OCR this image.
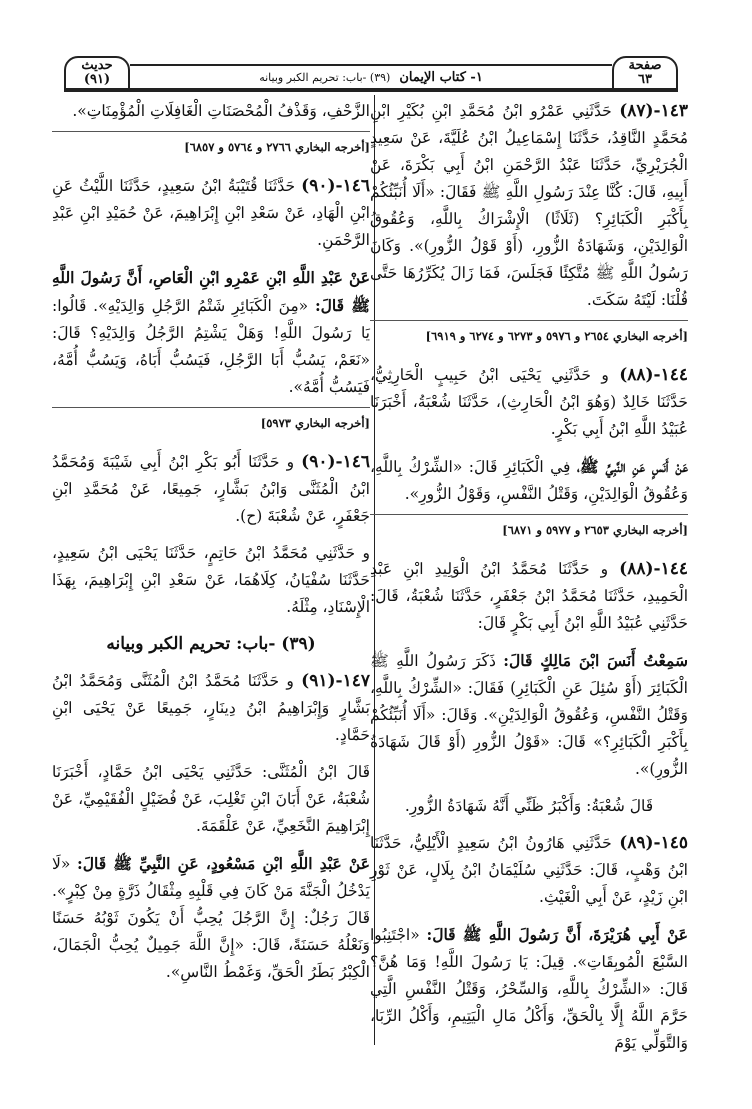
حديث
(٩١)	١- كتاب الإيمان

(٣٩) -باب: تحريم الكبر وبيانه
صفحة
٦٣

١٤٣-(٨٧) حَدَّثَنِي عَمْرُو ابْنُ مُحَمَّدِ ابْنِ بُكَيْرِ ابْنِ مُحَمَّدٍ النَّاقِدُ، حَدَّثَنَا إِسْمَاعِيلُ ابْنُ عُلَيَّةَ، عَنْ سَعِيدٍ الْجُرَيْرِيِّ، حَدَّثَنَا عَبْدُ الرَّحْمَنِ ابْنُ أَبِي بَكْرَةَ، عَنْ أَبِيهِ، قَالَ: كُنَّا عِنْدَ رَسُولِ اللَّهِ ﷺ فَقَالَ: «أَلَا أُنَبِّئُكُمْ بِأَكْبَرِ الْكَبَائِرِ؟ (ثَلَاثًا) الْإِشْرَاكُ بِاللَّهِ، وَعُقُوقُ الْوَالِدَيْنِ، وَشَهَادَةُ الزُّورِ، (أَوْ قَوْلُ الزُّورِ)». وَكَانَ رَسُولُ اللَّهِ ﷺ مُتَّكِئًا فَجَلَسَ، فَمَا زَالَ يُكَرِّرُهَا حَتَّى قُلْنَا: لَيْتَهُ سَكَتَ.

[أخرجه البخاري ٢٦٥٤ و ٥٩٧٦ و ٦٢٧٣ و ٦٢٧٤ و ٦٩١٩]

١٤٤-(٨٨) و حَدَّثَنِي يَحْيَى ابْنُ حَبِيبٍ الْحَارِثِيُّ، حَدَّثَنَا خَالِدٌ (وَهُوَ ابْنُ الْحَارِثِ)، حَدَّثَنَا شُعْبَةُ، أَخْبَرَنَا عُبَيْدُ اللَّهِ ابْنُ أَبِي بَكْرٍ.

عَنْ أَنَسٍ عَنِ النَّبِيِّ ﷺ، فِي الْكَبَائِرِ قَالَ: «الشِّرْكُ بِاللَّهِ، وَعُقُوقُ الْوَالِدَيْنِ، وَقَتْلُ النَّفْسِ، وَقَوْلُ الزُّورِ».

[أخرجه البخاري ٢٦٥٣ و ٥٩٧٧ و ٦٨٧١]

١٤٤-(٨٨) و حَدَّثَنَا مُحَمَّدُ ابْنُ الْوَلِيدِ ابْنِ عَبْدِ الْحَمِيدِ، حَدَّثَنَا مُحَمَّدُ ابْنُ جَعْفَرٍ، حَدَّثَنَا شُعْبَةُ، قَالَ: حَدَّثَنِي عُبَيْدُ اللَّهِ ابْنُ أَبِي بَكْرٍ قَالَ:

سَمِعْتُ أَنَسَ ابْنَ مَالِكٍ قَالَ: ذَكَرَ رَسُولُ اللَّهِ ﷺ الْكَبَائِرَ (أَوْ سُئِلَ عَنِ الْكَبَائِرِ) فَقَالَ: «الشِّرْكُ بِاللَّهِ، وَقَتْلُ النَّفْسِ، وَعُقُوقُ الْوَالِدَيْنِ». وَقَالَ: «أَلَا أُنَبِّئُكُمْ بِأَكْبَرِ الْكَبَائِرِ؟» قَالَ: «قَوْلُ الزُّورِ (أَوْ قَالَ شَهَادَةُ الزُّورِ)».

قَالَ شُعْبَةُ: وَأَكْبَرُ ظَنِّي أَنَّهُ شَهَادَةُ الزُّورِ.

١٤٥-(٨٩) حَدَّثَنِي هَارُونُ ابْنُ سَعِيدٍ الْأَيْلِيُّ، حَدَّثَنَا ابْنُ وَهْبٍ، قَالَ: حَدَّثَنِي سُلَيْمَانُ ابْنُ بِلَالٍ، عَنْ ثَوْرِ ابْنِ زَيْدٍ، عَنْ أَبِي الْغَيْثِ.

عَنْ أَبِي هُرَيْرَةَ، أَنَّ رَسُولَ اللَّهِ ﷺ قَالَ: «اجْتَنِبُوا السَّبْعَ الْمُوبِقَاتِ». قِيلَ: يَا رَسُولَ اللَّهِ! وَمَا هُنَّ؟ قَالَ: «الشِّرْكُ بِاللَّهِ، وَالسِّحْرُ، وَقَتْلُ النَّفْسِ الَّتِي حَرَّمَ اللَّهُ إِلَّا بِالْحَقِّ، وَأَكْلُ مَالِ الْيَتِيمِ، وَأَكْلُ الرِّبَا، وَالتَّوَلِّي يَوْمَ

الزَّحْفِ، وَقَذْفُ الْمُحْصَنَاتِ الْغَافِلَاتِ الْمُؤْمِنَاتِ».

[أخرجه البخاري ٢٧٦٦ و ٥٧٦٤ و ٦٨٥٧]

١٤٦-(٩٠) حَدَّثَنَا قُتَيْبَةُ ابْنُ سَعِيدٍ، حَدَّثَنَا اللَّيْثُ عَنِ ابْنِ الْهَادِ، عَنْ سَعْدِ ابْنِ إِبْرَاهِيمَ، عَنْ حُمَيْدِ ابْنِ عَبْدِ الرَّحْمَنِ.

عَنْ عَبْدِ اللَّهِ ابْنِ عَمْرِو ابْنِ الْعَاصِ، أَنَّ رَسُولَ اللَّهِ ﷺ قَالَ: «مِنَ الْكَبَائِرِ شَتْمُ الرَّجُلِ وَالِدَيْهِ». قَالُوا: يَا رَسُولَ اللَّهِ! وَهَلْ يَشْتِمُ الرَّجُلُ وَالِدَيْهِ؟ قَالَ: «نَعَمْ، يَسُبُّ أَبَا الرَّجُلِ، فَيَسُبُّ أَبَاهُ، وَيَسُبُّ أُمَّهُ، فَيَسُبُّ أُمَّهُ».

[أخرجه البخاري ٥٩٧٣]

١٤٦-(٩٠) و حَدَّثَنَا أَبُو بَكْرِ ابْنُ أَبِي شَيْبَةَ وَمُحَمَّدُ ابْنُ الْمُثَنَّى وَابْنُ بَشَّارٍ، جَمِيعًا، عَنْ مُحَمَّدِ ابْنِ جَعْفَرٍ، عَنْ شُعْبَةَ (ح).

و حَدَّثَنِي مُحَمَّدُ ابْنُ حَاتِمٍ، حَدَّثَنَا يَحْيَى ابْنُ سَعِيدٍ، حَدَّثَنَا سُفْيَانُ، كِلَاهُمَا، عَنْ سَعْدِ ابْنِ إِبْرَاهِيمَ، بِهَذَا الْإِسْنَادِ، مِثْلَهُ.

(٣٩) -باب: تحريم الكبر وبيانه

١٤٧-(٩١) و حَدَّثَنَا مُحَمَّدُ ابْنُ الْمُثَنَّى وَمُحَمَّدُ ابْنُ بَشَّارٍ وَإِبْرَاهِيمُ ابْنُ دِينَارٍ، جَمِيعًا عَنْ يَحْيَى ابْنِ حَمَّادٍ.

قَالَ ابْنُ الْمُثَنَّى: حَدَّثَنِي يَحْيَى ابْنُ حَمَّادٍ، أَخْبَرَنَا شُعْبَةُ، عَنْ أَبَانَ ابْنِ تَغْلِبَ، عَنْ فُضَيْلٍ الْفُقَيْمِيِّ، عَنْ إِبْرَاهِيمَ النَّخَعِيِّ، عَنْ عَلْقَمَةَ.

عَنْ عَبْدِ اللَّهِ ابْنِ مَسْعُودٍ، عَنِ النَّبِيِّ ﷺ قَالَ: «لَا يَدْخُلُ الْجَنَّةَ مَنْ كَانَ فِي قَلْبِهِ مِثْقَالُ ذَرَّةٍ مِنْ كِبْرٍ». قَالَ رَجُلٌ: إِنَّ الرَّجُلَ يُحِبُّ أَنْ يَكُونَ ثَوْبُهُ حَسَنًا وَنَعْلُهُ حَسَنَةً، قَالَ: «إِنَّ اللَّهَ جَمِيلٌ يُحِبُّ الْجَمَالَ، الْكِبْرُ بَطَرُ الْحَقِّ، وَغَمْطُ النَّاسِ».
